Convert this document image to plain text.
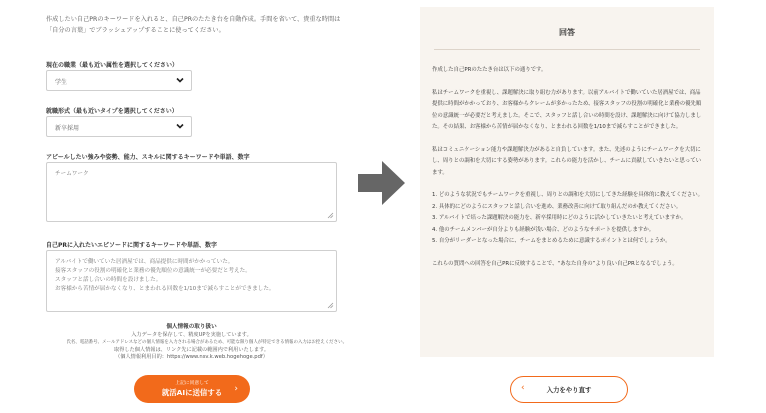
作成したい自己PRのキーワードを入れると、自己PRのたたき台を自動作成。手間を省いて、貴重な時間は「自分の言葉」でブラッシュアップすることに使ってください。
現在の職業（最も近い属性を選択してください）
学生
就職形式（最も近いタイプを選択してください）
新卒採用
アピールしたい強みや姿勢、能力、スキルに関するキーワードや単語、数字
チームワーク
自己PRに入れたいエピソードに関するキーワードや単語、数字
アルバイトで働いていた居酒屋では、商品提供に時間がかかっていた。
接客スタッフの役割の明確化と業務の優先順位の意識統一が必要だと考えた。
スタッフと話し合いの時間を設けました。
お客様から苦情が届かなくなり、とまわれる回数を1/10まで減らすことができました。
個人情報の取り扱い
入力データを保存して、精度UPを実施しています。
氏名、電話番号、メールアドレスなどの個人情報を入力される場合があるため、可能な限り個人が特定できる情報の入力はお控えください。
取得した個人情報は、リンク先に記載の範囲内で利用いたします。
（個人情報利用目的：https://www.nsv.k.web.hogehoge.pdf）
上記に同意して
就活AIに送信する	›
回答

作成した自己PRのたたき台は以下の通りです。

私はチームワークを重視し、課題解決に取り組む力があります。以前アルバイトで働いていた居酒屋では、商品提供に時間がかかっており、お客様からクレームが多かったため、接客スタッフの役割の明確化と業務の優先順位の意識統一が必要だと考えました。そこで、スタッフと話し合いの時間を設け、課題解決に向けて協力しました。その結果、お客様から苦情が届かなくなり、とまわれる回数を1/10まで減らすことができました。

私はコミュニケーション能力や課題解決力があると自負しています。また、先述のようにチームワークを大切にし、周りとの調和を大切にする姿勢があります。これらの能力を活かし、チームに貢献していきたいと思っています。

1. どのような状況でもチームワークを重視し、周りとの調和を大切にしてきた経験を具体的に教えてください。

2. 具体的にどのようにスタッフと話し合いを進め、業務改善に向けて取り組んだのか教えてください。

3. アルバイトで培った課題解決の能力を、新卒採用時にどのように活かしていきたいと考えていますか。

4. 他のチームメンバーが自分よりも経験が浅い場合、どのようなサポートを提供しますか。

5. 自分がリーダーとなった場合に、チームをまとめるために意識するポイントとは何でしょうか。

これらの質問への回答を自己PRに反映することで、“あなた自身の”より良い自己PRとなるでしょう。

‹	入力をやり直す
